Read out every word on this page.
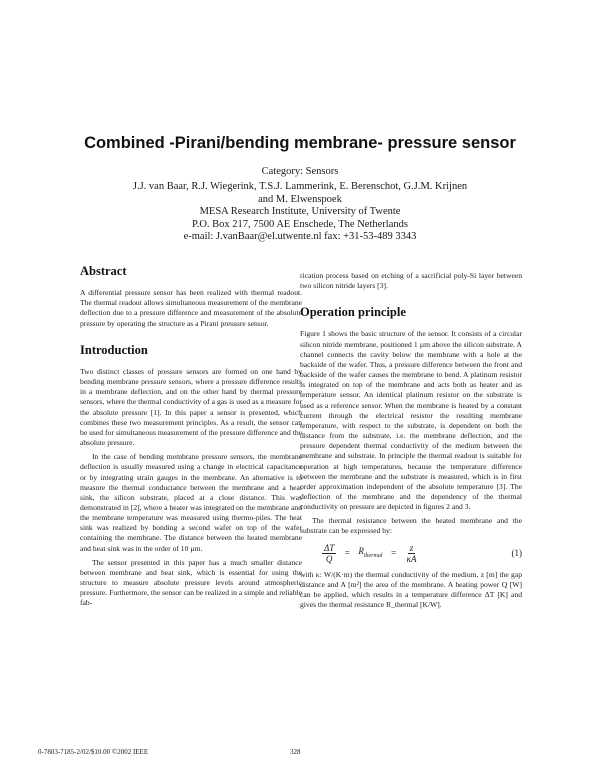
Combined -Pirani/bending membrane- pressure sensor
Category: Sensors
J.J. van Baar, R.J. Wiegerink, T.S.J. Lammerink, E. Berenschot, G.J.M. Krijnen
and M. Elwenspoek
MESA Research Institute, University of Twente
P.O. Box 217, 7500 AE Enschede, The Netherlands
e-mail: J.vanBaar@el.utwente.nl fax: +31-53-489 3343
Abstract

A differential pressure sensor has been realized with thermal readout. The thermal readout allows simultaneous measurement of the membrane deflection due to a pressure difference and measurement of the absolute pressure by operating the structure as a Pirani pressure sensor.

Introduction

Two distinct classes of pressure sensors are formed on one hand by bending membrane pressure sensors, where a pressure difference results in a membrane deflection, and on the other hand by thermal pressure sensors, where the thermal conductivity of a gas is used as a measure for the absolute pressure [1]. In this paper a sensor is presented, which combines these two measurement principles. As a result, the sensor can be used for simultaneous measurement of the pressure difference and the absolute pressure.

In the case of bending membrane pressure sensors, the membrane deflection is usually measured using a change in electrical capacitance or by integrating strain gauges in the membrane. An alternative is to measure the thermal conductance between the membrane and a heat sink, the silicon substrate, placed at a close distance. This was demonstrated in [2], where a heater was integrated on the membrane and the membrane temperature was measured using thermo-piles. The heat sink was realized by bonding a second wafer on top of the wafer containing the membrane. The distance between the heated membrane and heat sink was in the order of 10 µm.

The sensor presented in this paper has a much smaller distance between membrane and heat sink, which is essential for using the structure to measure absolute pressure levels around atmospheric pressure. Furthermore, the sensor can be realized in a simple and reliable fab-

rication process based on etching of a sacrificial poly-Si layer between two silicon nitride layers [3].

Operation principle

Figure 1 shows the basic structure of the sensor. It consists of a circular silicon nitride membrane, positioned 1 µm above the silicon substrate. A channel connects the cavity below the membrane with a hole at the backside of the wafer. Thus, a pressure difference between the front and backside of the wafer causes the membrane to bend. A platinum resistor is integrated on top of the membrane and acts both as heater and as temperature sensor. An identical platinum resistor on the substrate is used as a reference sensor. When the membrane is heated by a constant current through the electrical resistor the resulting membrane temperature, with respect to the substrate, is dependent on both the distance from the substrate, i.e. the membrane deflection, and the pressure dependent thermal conductivity of the medium between the membrane and substrate. In principle the thermal readout is suitable for operation at high temperatures, because the temperature difference between the membrane and the substrate is measured, which is in first order approximation independent of the absolute temperature [3]. The deflection of the membrane and the dependency of the thermal conductivity on pressure are depicted in figures 2 and 3.

The thermal resistance between the heated membrane and the substrate can be expressed by:

$\frac{\Delta T}{Q} = R_{thermal} = \frac{z}{\kappa A}$	(1)

with κ: W/(K·m) the thermal conductivity of the medium, z [m] the gap distance and A [m²] the area of the membrane. A heating power Q [W] can be applied, which results in a temperature difference ΔT [K] and gives the thermal resistance R_thermal [K/W].

0-7803-7185-2/02/$10.00 ©2002 IEEE	328
